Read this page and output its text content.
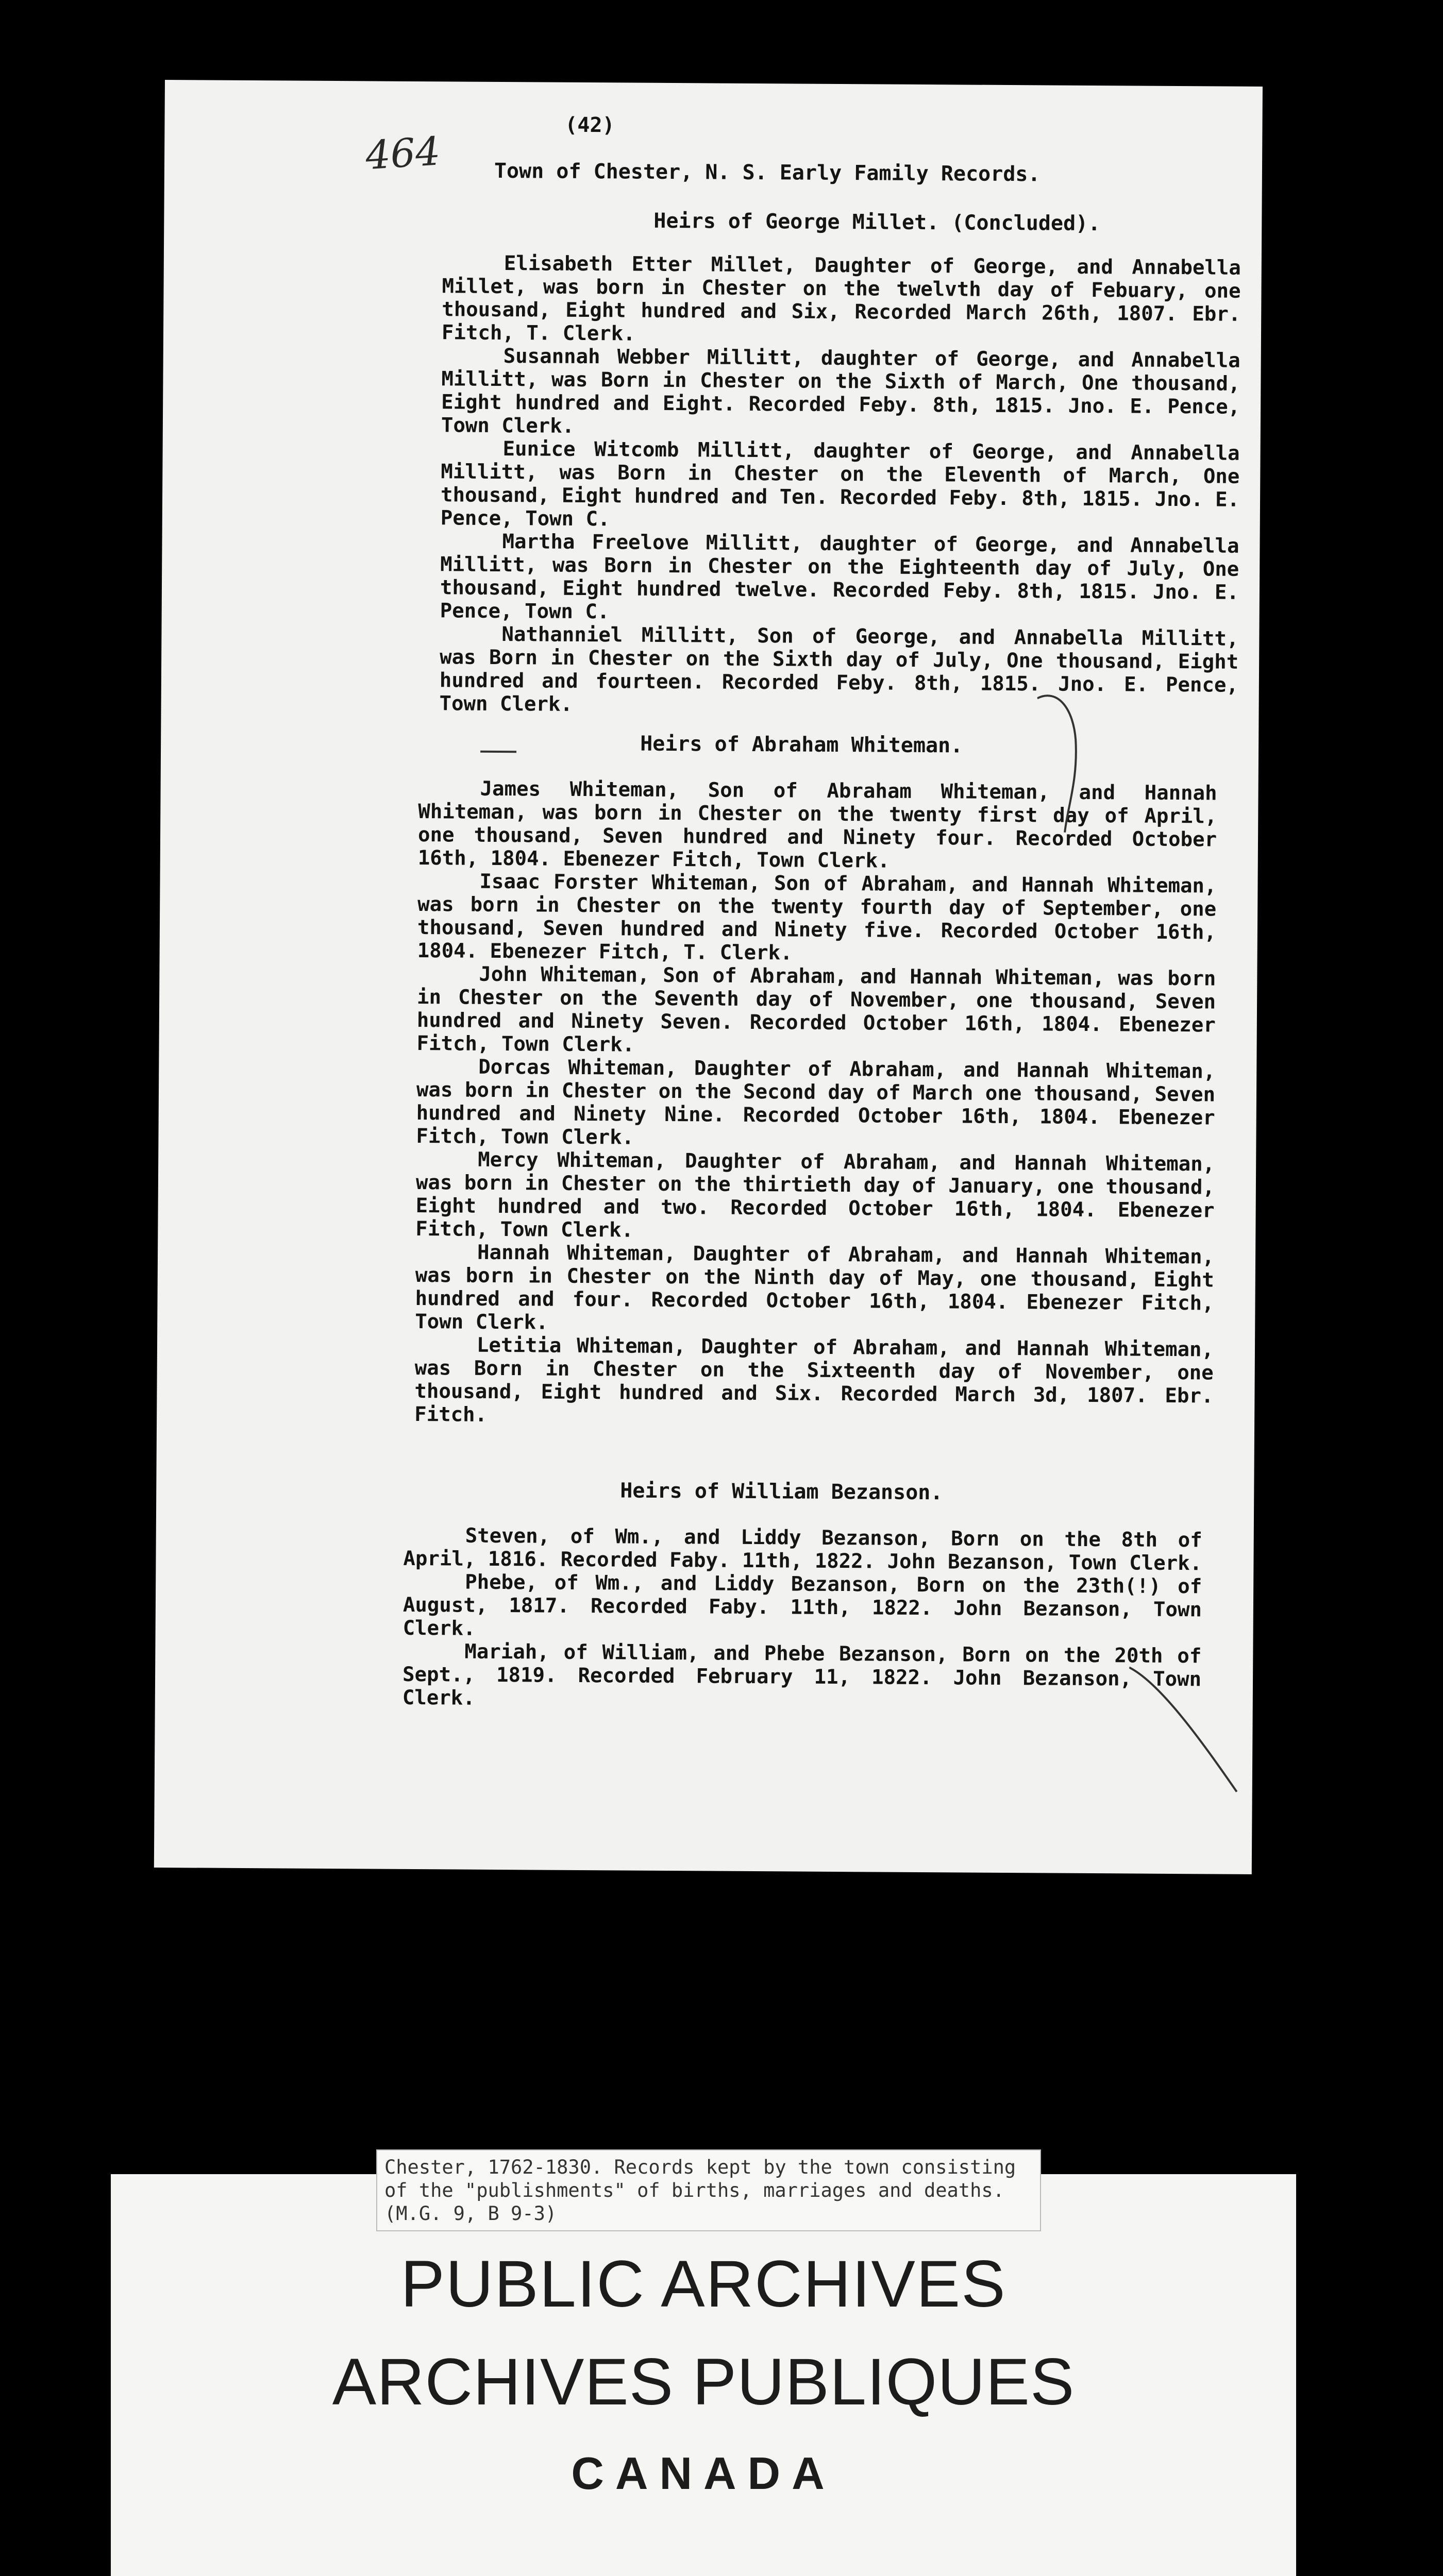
464
(42)
Town of Chester, N. S. Early Family Records.
Heirs of George Millet. (Concluded).

Elisabeth Etter Millet, Daughter of George, and Annabella Millet, was born in Chester on the twelvth day of Febuary, one thousand, Eight hundred and Six, Recorded March 26th, 1807. Ebr. Fitch, T. Clerk.

Susannah Webber Millitt, daughter of George, and Annabella Millitt, was Born in Chester on the Sixth of March, One thousand, Eight hundred and Eight. Recorded Feby. 8th, 1815. Jno. E. Pence, Town Clerk.

Eunice Witcomb Millitt, daughter of George, and Annabella Millitt, was Born in Chester on the Eleventh of March, One thousand, Eight hundred and Ten. Recorded Feby. 8th, 1815. Jno. E. Pence, Town C.

Martha Freelove Millitt, daughter of George, and Annabella Millitt, was Born in Chester on the Eighteenth day of July, One thousand, Eight hundred twelve. Recorded Feby. 8th, 1815. Jno. E. Pence, Town C.

Nathanniel Millitt, Son of George, and Annabella Millitt, was Born in Chester on the Sixth day of July, One thousand, Eight hundred and fourteen. Recorded Feby. 8th, 1815. Jno. E. Pence, Town Clerk.

Heirs of Abraham Whiteman.

James Whiteman, Son of Abraham Whiteman, and Hannah Whiteman, was born in Chester on the twenty first day of April, one thousand, Seven hundred and Ninety four. Recorded October 16th, 1804. Ebenezer Fitch, Town Clerk.

Isaac Forster Whiteman, Son of Abraham, and Hannah Whiteman, was born in Chester on the twenty fourth day of September, one thousand, Seven hundred and Ninety five. Recorded October 16th, 1804. Ebenezer Fitch, T. Clerk.

John Whiteman, Son of Abraham, and Hannah Whiteman, was born in Chester on the Seventh day of November, one thousand, Seven hundred and Ninety Seven. Recorded October 16th, 1804. Ebenezer Fitch, Town Clerk.

Dorcas Whiteman, Daughter of Abraham, and Hannah Whiteman, was born in Chester on the Second day of March one thousand, Seven hundred and Ninety Nine. Recorded October 16th, 1804. Ebenezer Fitch, Town Clerk.

Mercy Whiteman, Daughter of Abraham, and Hannah Whiteman, was born in Chester on the thirtieth day of January, one thousand, Eight hundred and two. Recorded October 16th, 1804. Ebenezer Fitch, Town Clerk.

Hannah Whiteman, Daughter of Abraham, and Hannah Whiteman, was born in Chester on the Ninth day of May, one thousand, Eight hundred and four. Recorded October 16th, 1804. Ebenezer Fitch, Town Clerk.

Letitia Whiteman, Daughter of Abraham, and Hannah Whiteman, was Born in Chester on the Sixteenth day of November, one thousand, Eight hundred and Six. Recorded March 3d, 1807. Ebr. Fitch.

Heirs of William Bezanson.

Steven, of Wm., and Liddy Bezanson, Born on the 8th of April, 1816. Recorded Faby. 11th, 1822. John Bezanson, Town Clerk.

Phebe, of Wm., and Liddy Bezanson, Born on the 23th(!) of August, 1817. Recorded Faby. 11th, 1822. John Bezanson, Town Clerk.

Mariah, of William, and Phebe Bezanson, Born on the 20th of Sept., 1819. Recorded February 11, 1822. John Bezanson, Town Clerk.

Chester, 1762-1830. Records kept by the town consisting
of the "publishments" of births, marriages and deaths.
(M.G. 9, B 9-3)
PUBLIC ARCHIVES
ARCHIVES PUBLIQUES
CANADA
